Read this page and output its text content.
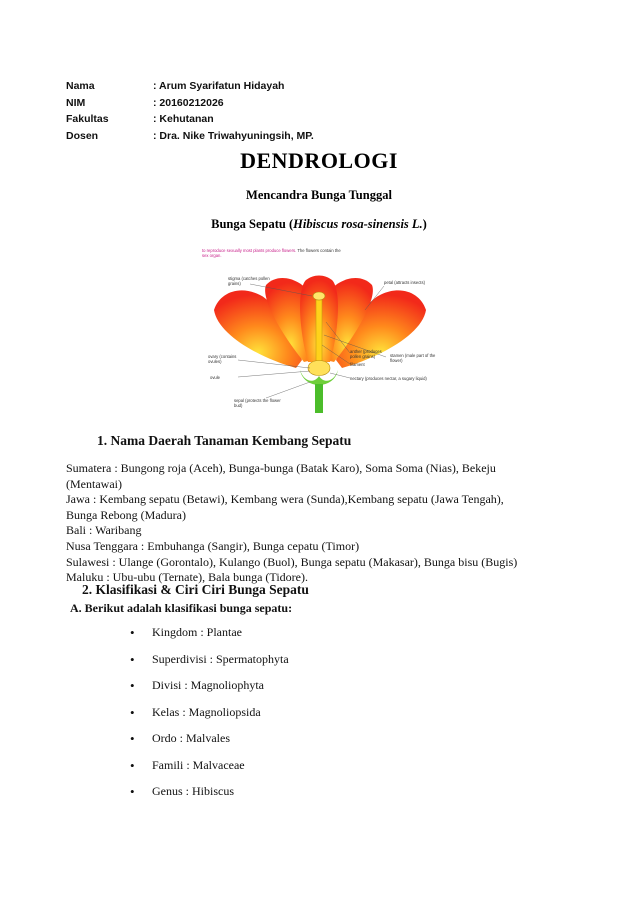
Nama	: Arum Syarifatun Hidayah
NIM	: 20160212026
Fakultas	: Kehutanan
Dosen	: Dra. Nike Triwahyuningsih, MP.
DENDROLOGI
Mencandra Bunga Tunggal
Bunga Sepatu (Hibiscus rosa-sinensis L.)
to reproduce sexually most plants produce flowers. The flowers contain the
sex organ.
stigma (catches pollen grains)	petal (attracts insects)
anther (produces pollen grains)	stamen (male part of the flower)
filament
ovary (contains ovules)
ovule	nectary (produces nectar, a sugary liquid)
sepal (protects the flower bud)
1. Nama Daerah Tanaman Kembang Sepatu
Sumatera : Bungong roja (Aceh), Bunga-bunga (Batak Karo), Soma Soma (Nias), Bekeju
(Mentawai)
Jawa : Kembang sepatu (Betawi), Kembang wera (Sunda),Kembang sepatu (Jawa Tengah),
Bunga Rebong (Madura)
Bali : Waribang
Nusa Tenggara : Embuhanga (Sangir), Bunga cepatu (Timor)
Sulawesi : Ulange (Gorontalo), Kulango (Buol), Bunga sepatu (Makasar), Bunga bisu (Bugis)
Maluku : Ubu-ubu (Ternate), Bala bunga (Tidore).
2. Klasifikasi & Ciri Ciri Bunga Sepatu
A. Berikut adalah klasifikasi bunga sepatu:
•	Kingdom : Plantae
•	Superdivisi : Spermatophyta
•	Divisi : Magnoliophyta
•	Kelas : Magnoliopsida
•	Ordo : Malvales
•	Famili : Malvaceae
•	Genus : Hibiscus
